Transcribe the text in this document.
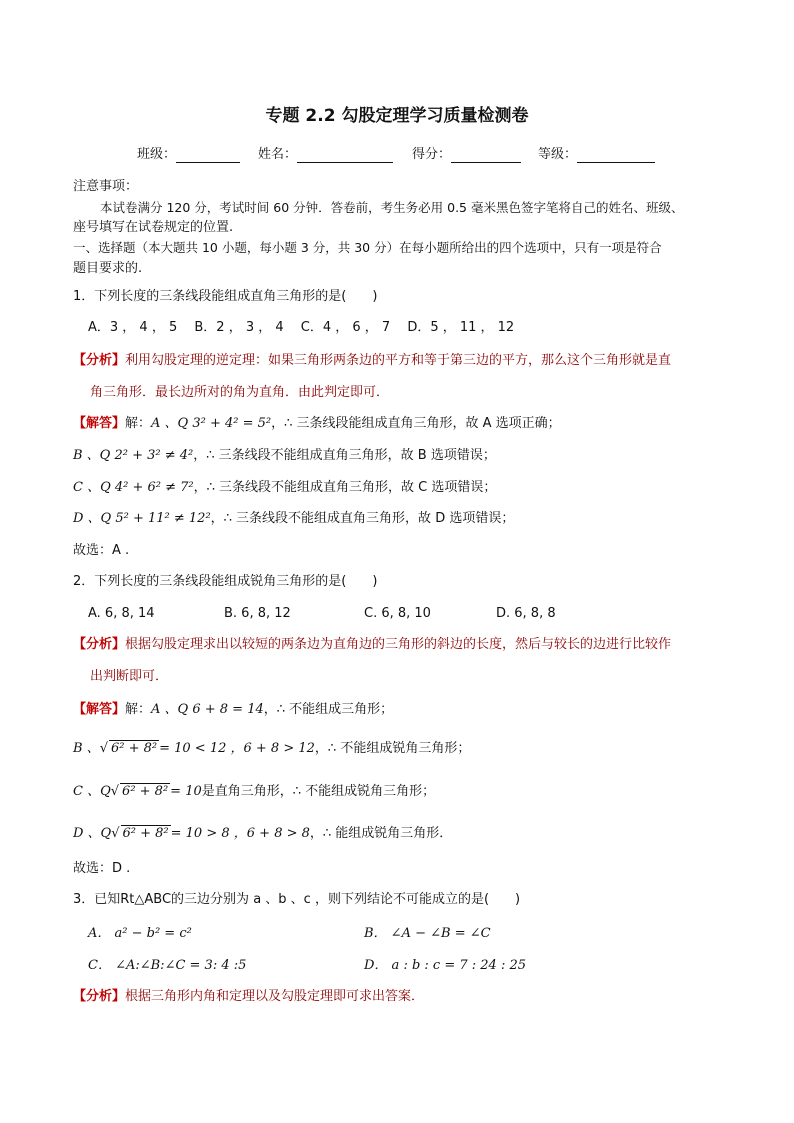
专题 2.2 勾股定理学习质量检测卷
班级：	姓名：	得分：	等级：
注意事项：
本试卷满分 120 分，考试时间 60 分钟．答卷前，考生务必用 0.5 毫米黑色签字笔将自己的姓名、班级、
座号填写在试卷规定的位置.
一、选择题（本大题共 10 小题，每小题 3 分，共 30 分）在每小题所给出的四个选项中，只有一项是符合
题目要求的.
1．下列长度的三条线段能组成直角三角形的是(　　)
A．3 ， 4 ， 5　 B．2 ， 3 ， 4　 C．4 ， 6 ， 7　 D．5 ， 11 ， 12
【分析】利用勾股定理的逆定理：如果三角形两条边的平方和等于第三边的平方，那么这个三角形就是直
角三角形．最长边所对的角为直角．由此判定即可．
【解答】解：A 、Q 3² + 4² = 5²，∴ 三条线段能组成直角三角形，故 A 选项正确；
B 、Q 2² + 3² ≠ 4²，∴ 三条线段不能组成直角三角形，故 B 选项错误；
C 、Q 4² + 6² ≠ 7²，∴ 三条线段不能组成直角三角形，故 C 选项错误；
D 、Q 5² + 11² ≠ 12²，∴ 三条线段不能组成直角三角形，故 D 选项错误；
故选：A .
2．下列长度的三条线段能组成锐角三角形的是(　　)
A. 6, 8, 14	B. 6, 8, 12	C. 6, 8, 10	D. 6, 8, 8
【分析】根据勾股定理求出以较短的两条边为直角边的三角形的斜边的长度，然后与较长的边进行比较作
出判断即可．
【解答】解：A 、Q 6 + 8 = 14，∴ 不能组成三角形；
B 、√ 6² + 8² = 10 < 12 ，6 + 8 > 12，∴ 不能组成锐角三角形；
C 、Q√ 6² + 8² = 10是直角三角形，∴ 不能组成锐角三角形；
D 、Q√ 6² + 8² = 10 > 8 ，6 + 8 > 8，∴ 能组成锐角三角形．
故选：D .
3．已知Rt△ABC的三边分别为 a 、b 、c ，则下列结论不可能成立的是(　　)
A． a² − b² = c²	B． ∠A − ∠B = ∠C
C． ∠A:∠B:∠C = 3: 4 :5	D． a : b : c = 7 : 24 : 25
【分析】根据三角形内角和定理以及勾股定理即可求出答案．
